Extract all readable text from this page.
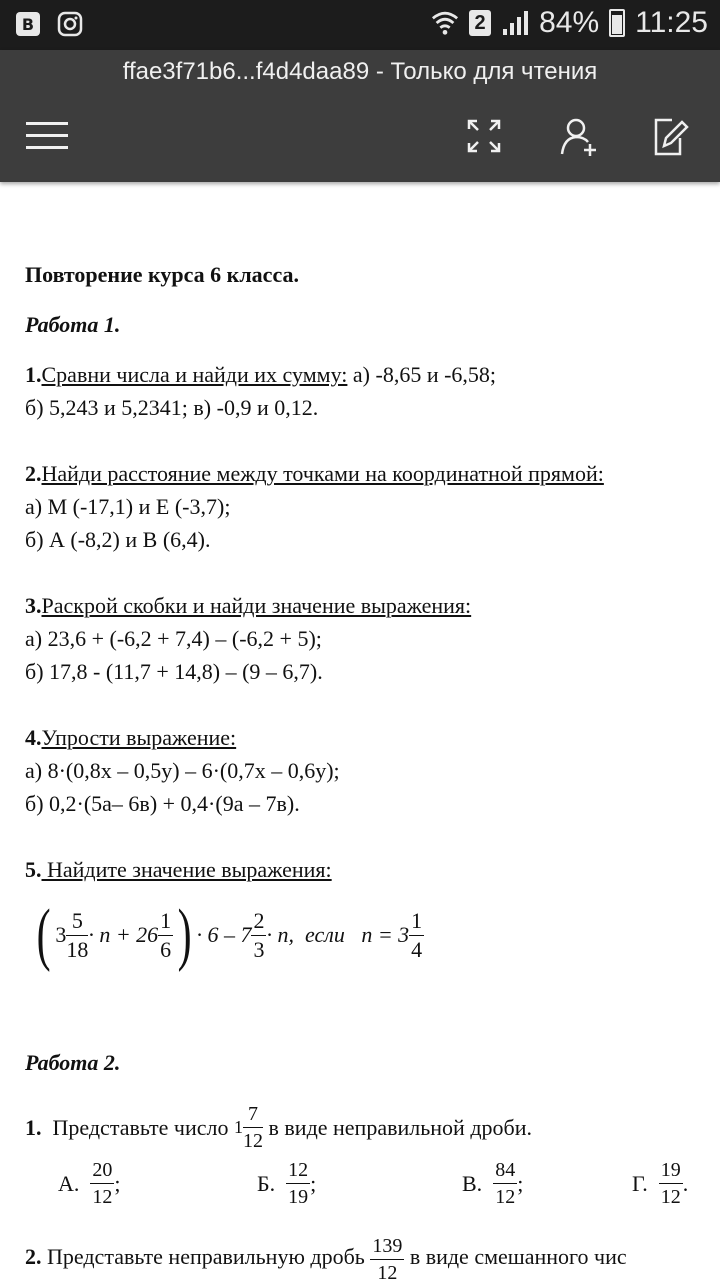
B	2 84% 11:25
ffae3f71b6...f4d4daa89 - Только для чтения

Повторение курса 6 класса.

Работа 1.

1.Сравни числа и найди их сумму: а) -8,65 и -6,58;

б) 5,243 и 5,2341; в) -0,9 и 0,12.

2.Найди расстояние между точками на координатной прямой:

а) М (-17,1) и Е (-3,7);

б) А (-8,2) и В (6,4).

3.Раскрой скобки и найди значение выражения:

а) 23,6 + (-6,2 + 7,4) – (-6,2 + 5);

б) 17,8 - (11,7 + 14,8) – (9 – 6,7).

4.Упрости выражение:

а) 8·(0,8х – 0,5у) – 6·(0,7х – 0,6у);

б) 0,2·(5а– 6в) + 0,4·(9а – 7в).

5. Найдите значение выражения:

( $3 \frac{5}{18} \cdot n + 26 \frac{1}{6}$ ) · $6 - 7 \frac{2}{3} \cdot n$,  если   $n = 3 \frac{1}{4}$

Работа 2.

1.
Представьте число $1 \frac{7}{12}$ в виде неправильной дроби.
А.
$\frac{20}{12}$ ;	Б.
$\frac{12}{19}$ ;	В.
$\frac{84}{12}$ ;	Г.
$\frac{19}{12}$ .
2.
Представьте неправильную дробь $\frac{139}{12}$ в виде смешанного чис
